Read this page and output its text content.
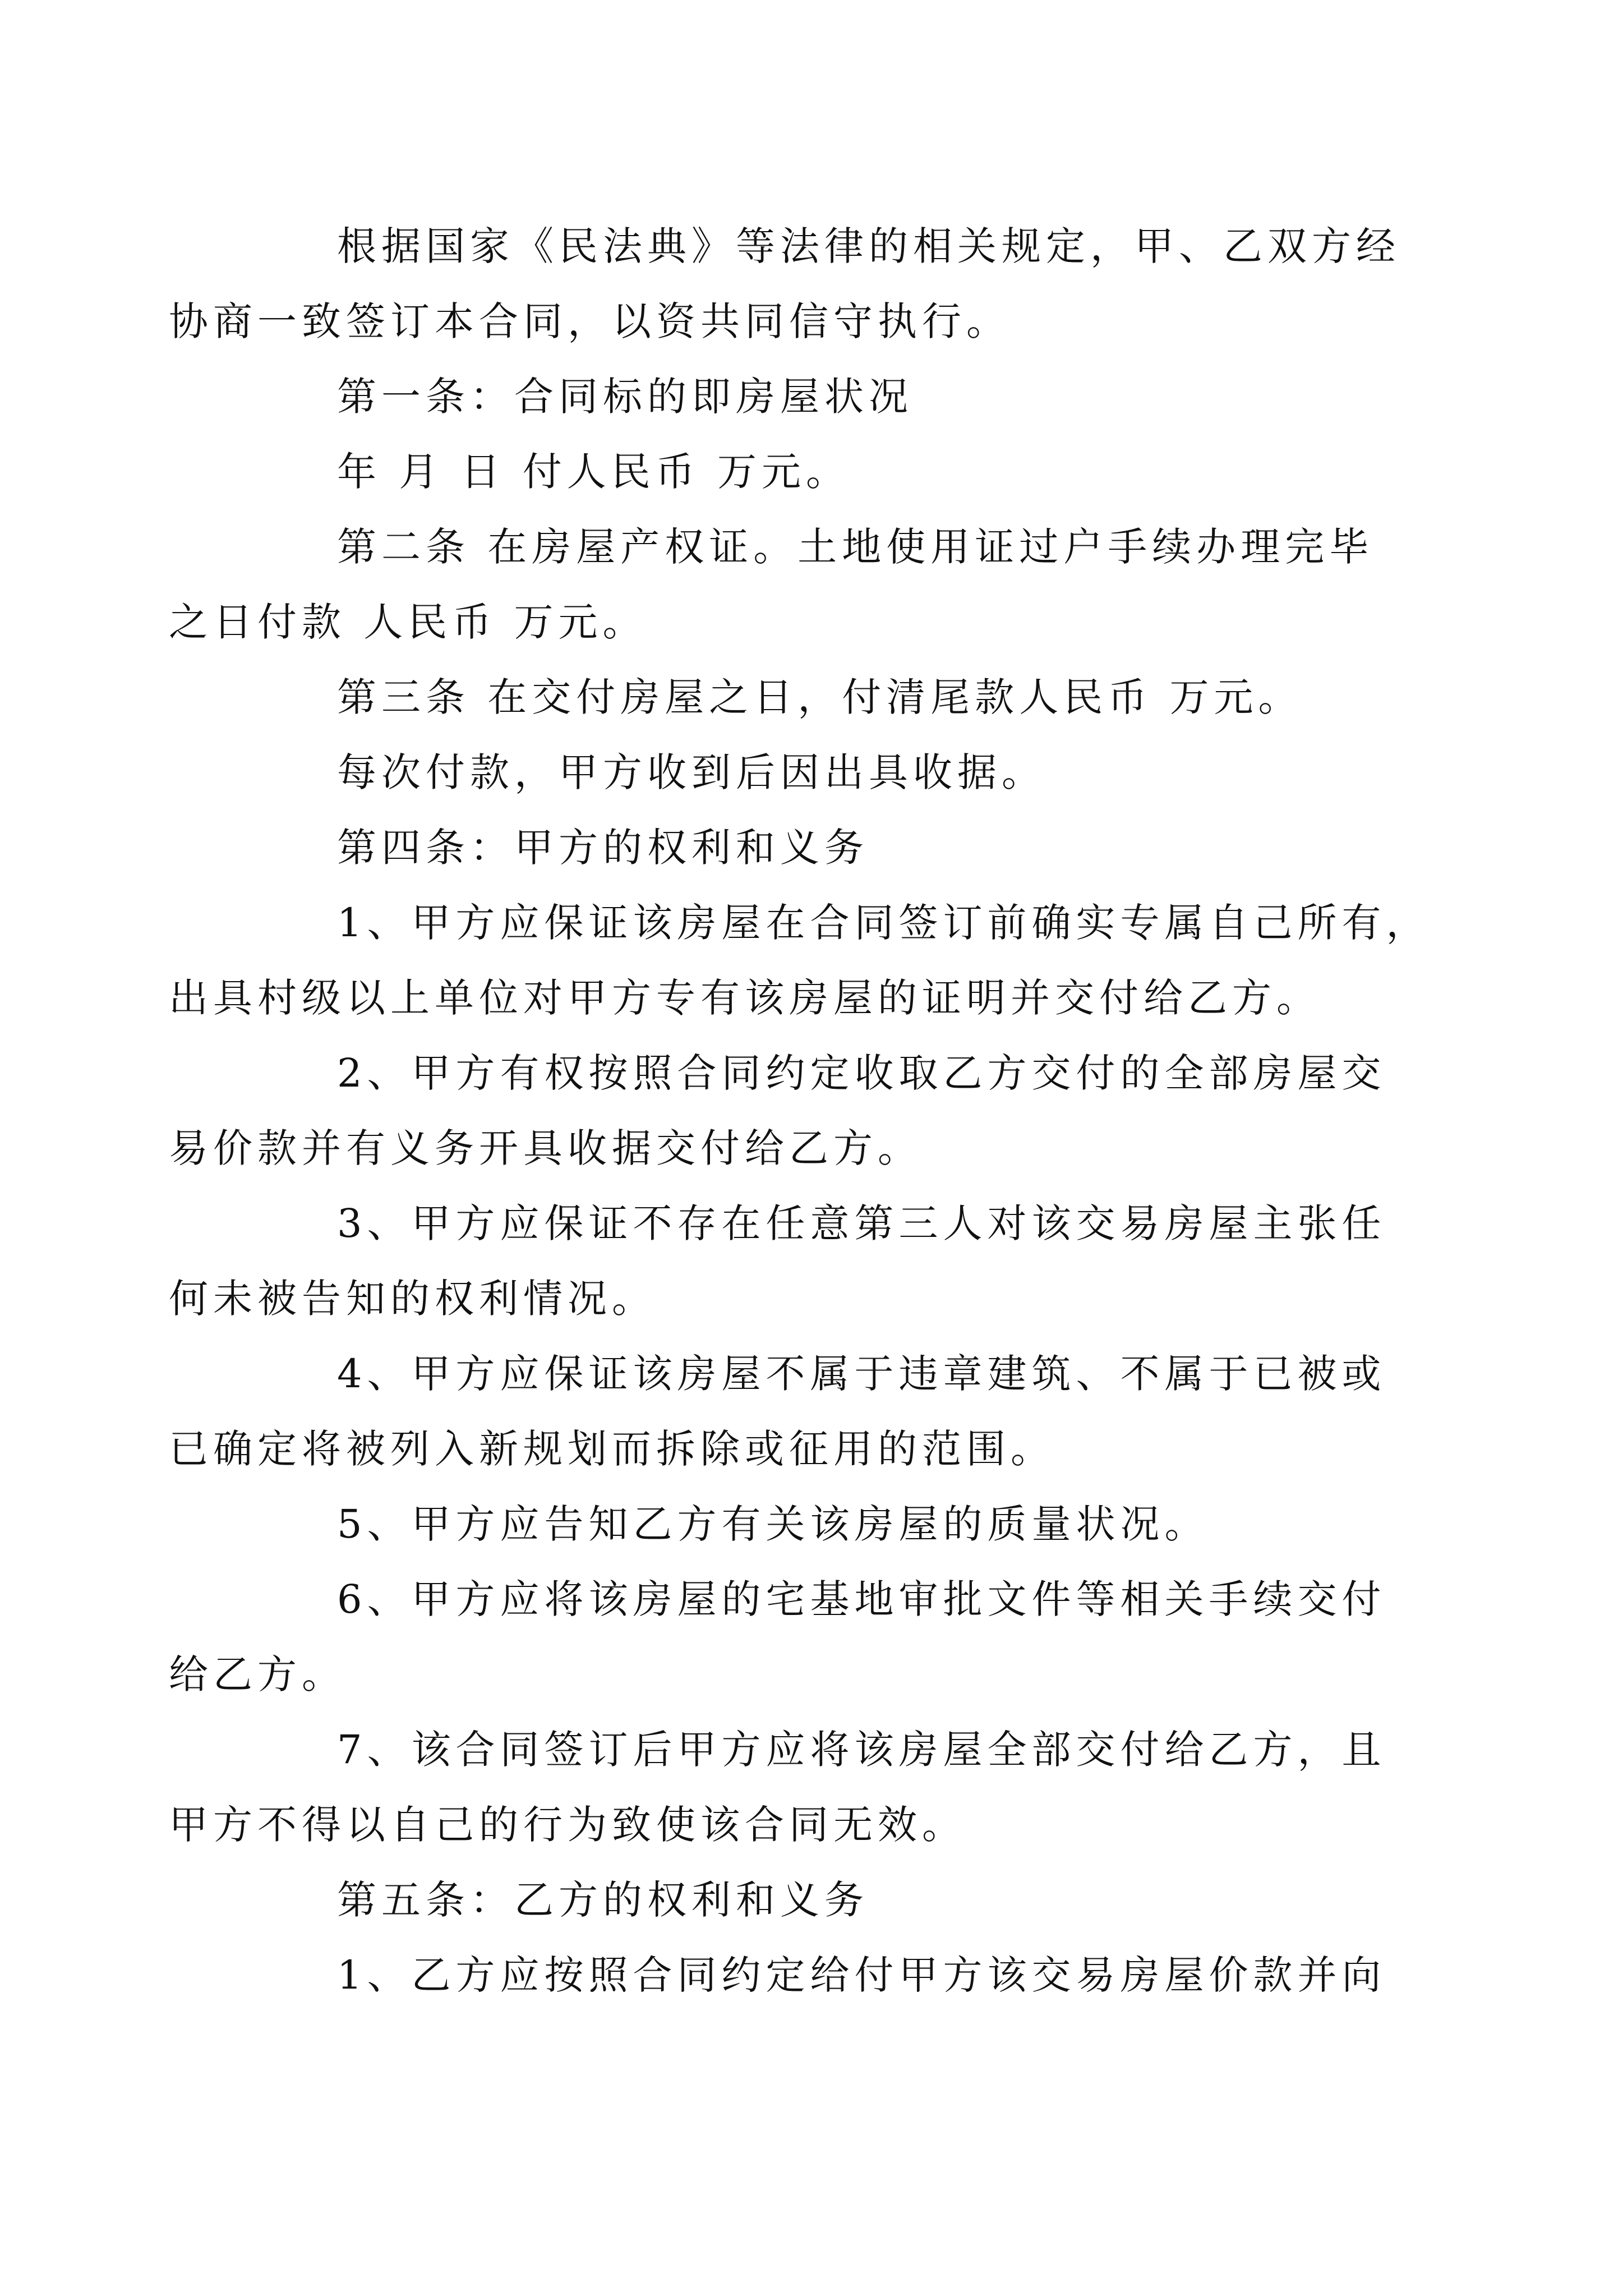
根据国家《民法典》等法律的相关规定，甲、乙双方经
协商一致签订本合同，以资共同信守执行。
第一条：合同标的即房屋状况
年 月 日 付人民币 万元。
第二条 在房屋产权证。土地使用证过户手续办理完毕
之日付款 人民币 万元。
第三条 在交付房屋之日，付清尾款人民币 万元。
每次付款，甲方收到后因出具收据。
第四条：甲方的权利和义务
1、甲方应保证该房屋在合同签订前确实专属自己所有，
出具村级以上单位对甲方专有该房屋的证明并交付给乙方。
2、甲方有权按照合同约定收取乙方交付的全部房屋交
易价款并有义务开具收据交付给乙方。
3、甲方应保证不存在任意第三人对该交易房屋主张任
何未被告知的权利情况。
4、甲方应保证该房屋不属于违章建筑、不属于已被或
已确定将被列入新规划而拆除或征用的范围。
5、甲方应告知乙方有关该房屋的质量状况。
6、甲方应将该房屋的宅基地审批文件等相关手续交付
给乙方。
7、该合同签订后甲方应将该房屋全部交付给乙方，且
甲方不得以自己的行为致使该合同无效。
第五条：乙方的权利和义务
1、乙方应按照合同约定给付甲方该交易房屋价款并向
